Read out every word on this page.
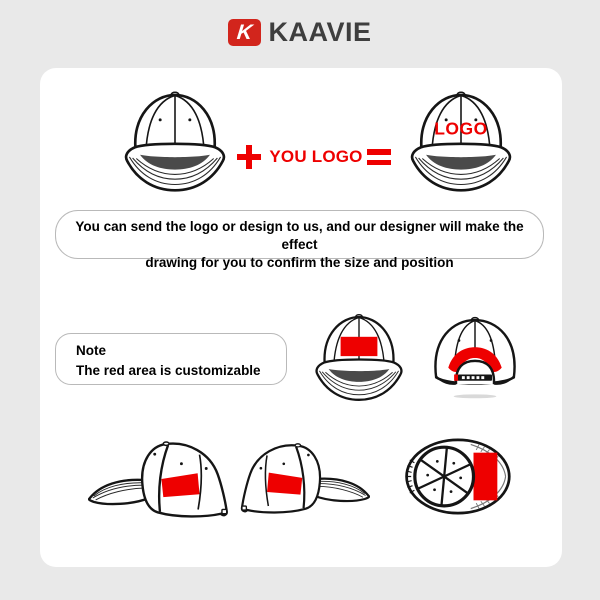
K KAAVIE
YOU LOGO
LOGO
You can send the logo or design to us, and our designer will make the effect
drawing for you to confirm the size and position
Note
The red area is customizable
